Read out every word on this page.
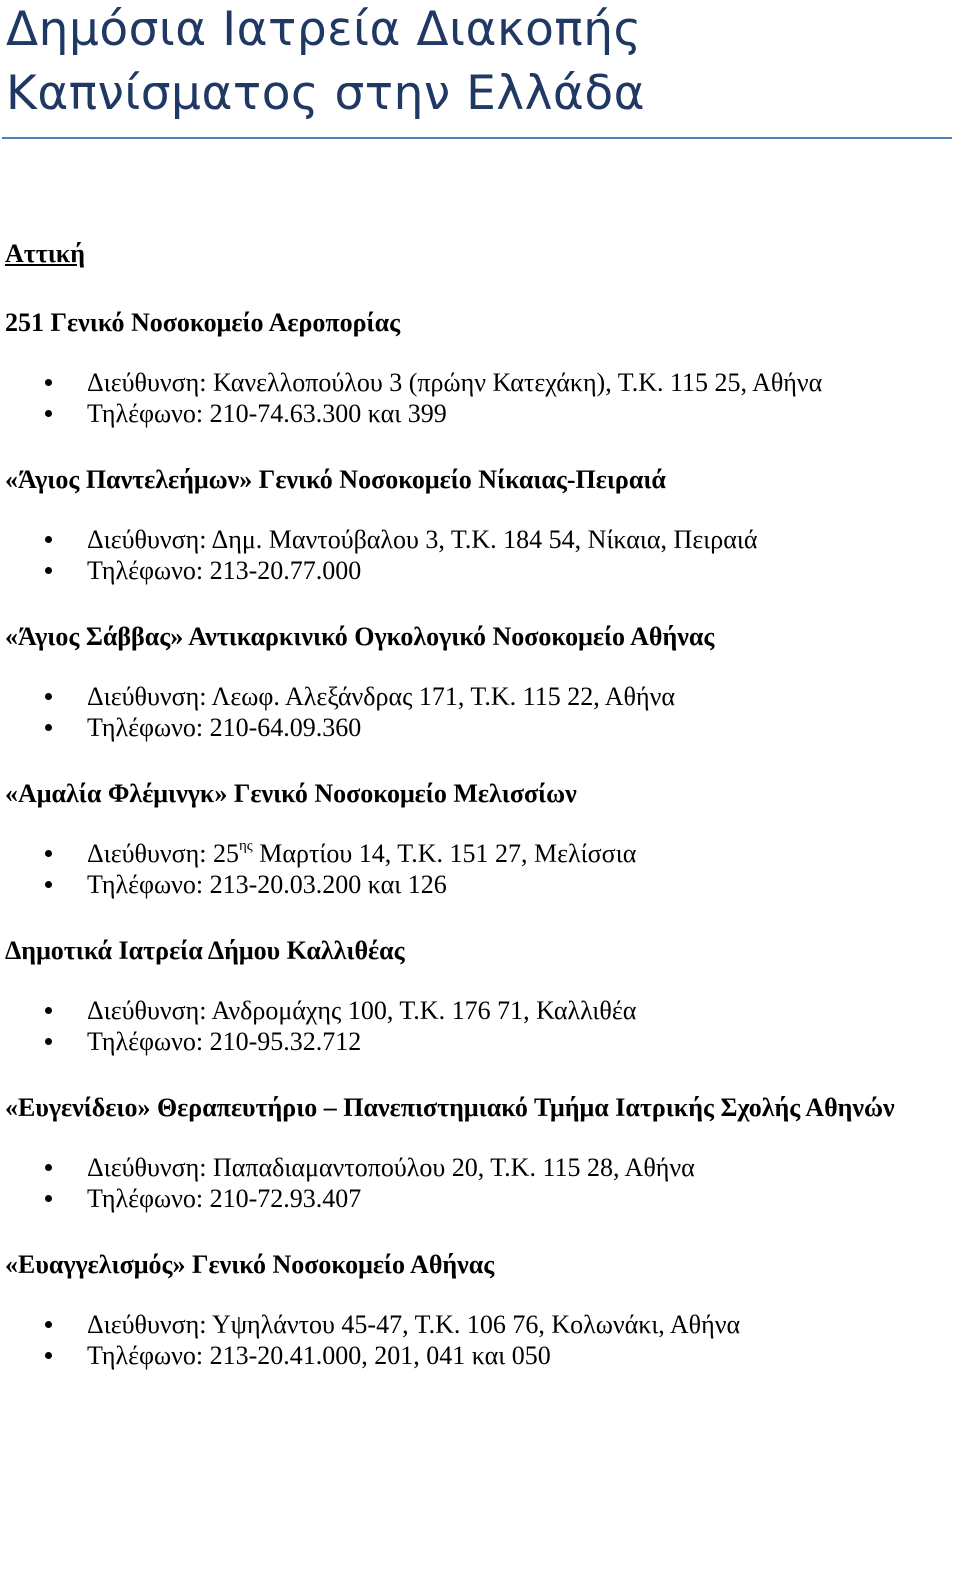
Δημόσια Ιατρεία Διακοπής
Καπνίσματος στην Ελλάδα
Αττική
251 Γενικό Νοσοκομείο Αεροπορίας
Διεύθυνση: Κανελλοπούλου 3 (πρώην Κατεχάκη), Τ.Κ. 115 25, Αθήνα
Τηλέφωνο: 210-74.63.300 και 399
«Άγιος Παντελεήμων» Γενικό Νοσοκομείο Νίκαιας-Πειραιά
Διεύθυνση: Δημ. Μαντούβαλου 3, Τ.Κ. 184 54, Νίκαια, Πειραιά
Τηλέφωνο: 213-20.77.000
«Άγιος Σάββας» Αντικαρκινικό Ογκολογικό Νοσοκομείο Αθήνας
Διεύθυνση: Λεωφ. Αλεξάνδρας 171, Τ.Κ. 115 22, Αθήνα
Τηλέφωνο: 210-64.09.360
«Αμαλία Φλέμινγκ» Γενικό Νοσοκομείο Μελισσίων
Διεύθυνση: $25^{\eta\varsigma}$ Μαρτίου 14, Τ.Κ. 151 27, Μελίσσια
Τηλέφωνο: 213-20.03.200 και 126
Δημοτικά Ιατρεία Δήμου Καλλιθέας
Διεύθυνση: Ανδρομάχης 100, Τ.Κ. 176 71, Καλλιθέα
Τηλέφωνο: 210-95.32.712
«Ευγενίδειο» Θεραπευτήριο – Πανεπιστημιακό Τμήμα Ιατρικής Σχολής Αθηνών
Διεύθυνση: Παπαδιαμαντοπούλου 20, Τ.Κ. 115 28, Αθήνα
Τηλέφωνο: 210-72.93.407
«Ευαγγελισμός» Γενικό Νοσοκομείο Αθήνας
Διεύθυνση: Υψηλάντου 45-47, Τ.Κ. 106 76, Κολωνάκι, Αθήνα
Τηλέφωνο: 213-20.41.000, 201, 041 και 050
